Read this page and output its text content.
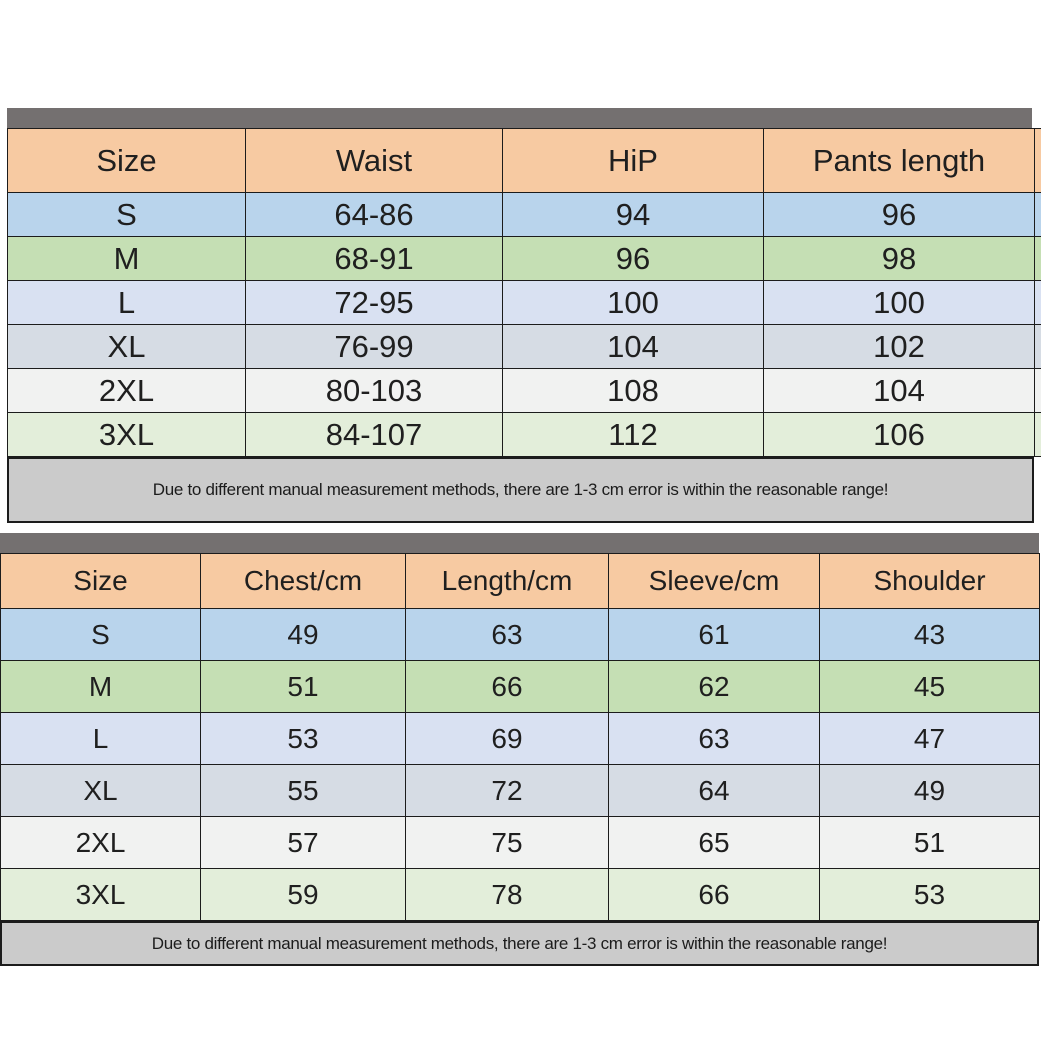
Size	Waist	HiP	Pants length	
S	64-86	94	96	
M	68-91	96	98	
L	72-95	100	100	
XL	76-99	104	102	
2XL	80-103	108	104	
3XL	84-107	112	106	
Due to different manual measurement methods, there are 1-3 cm error is within the reasonable range!
Size	Chest/cm	Length/cm	Sleeve/cm	Shoulder
S	49	63	61	43
M	51	66	62	45
L	53	69	63	47
XL	55	72	64	49
2XL	57	75	65	51
3XL	59	78	66	53
Due to different manual measurement methods, there are 1-3 cm error is within the reasonable range!
